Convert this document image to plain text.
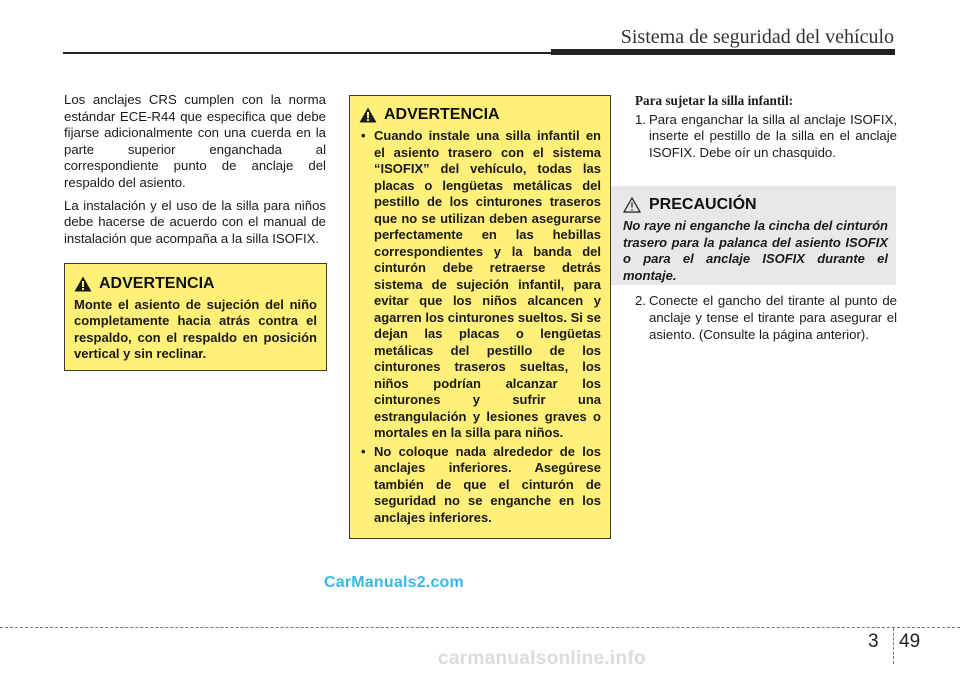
Sistema de seguridad del vehículo

Los anclajes CRS cumplen con la norma estándar ECE-R44 que especifica que debe fijarse adicionalmente con una cuerda en la parte superior enganchada al correspondiente punto de anclaje del respaldo del asiento.

La instalación y el uso de la silla para niños debe hacerse de acuerdo con el manual de instalación que acompaña a la silla ISOFIX.

ADVERTENCIA

Monte el asiento de sujeción del niño completamente hacia atrás contra el respaldo, con el respaldo en posición vertical y sin reclinar.

ADVERTENCIA
• Cuando instale una silla infantil en el asiento trasero con el sistema “ISOFIX” del vehículo, todas las placas o lengüetas metálicas del pestillo de los cinturones traseros que no se utilizan deben asegurarse perfectamente en las hebillas correspondientes y la banda del cinturón debe retraerse detrás sistema de sujeción infantil, para evitar que los niños alcancen y agarren los cinturones sueltos. Si se dejan las placas o lengüetas metálicas del pestillo de los cinturones traseros sueltas, los niños podrían alcanzar los cinturones y sufrir una estrangulación y lesiones graves o mortales en la silla para niños.
• No coloque nada alrededor de los anclajes inferiores. Asegúrese también de que el cinturón de seguridad no se enganche en los anclajes inferiores.
Para sujetar la silla infantil:
1. Para enganchar la silla al anclaje ISOFIX, inserte el pestillo de la silla en el anclaje ISOFIX. Debe oír un chasquido.
2. Conecte el gancho del tirante al punto de anclaje y tense el tirante para asegurar el asiento. (Consulte la página anterior).
PRECAUCIÓN

No raye ni enganche la cincha del cinturón trasero para la palanca del asiento ISOFIX o para el anclaje ISOFIX durante el montaje.

CarManuals2.com
3 49
carmanualsonline.info
